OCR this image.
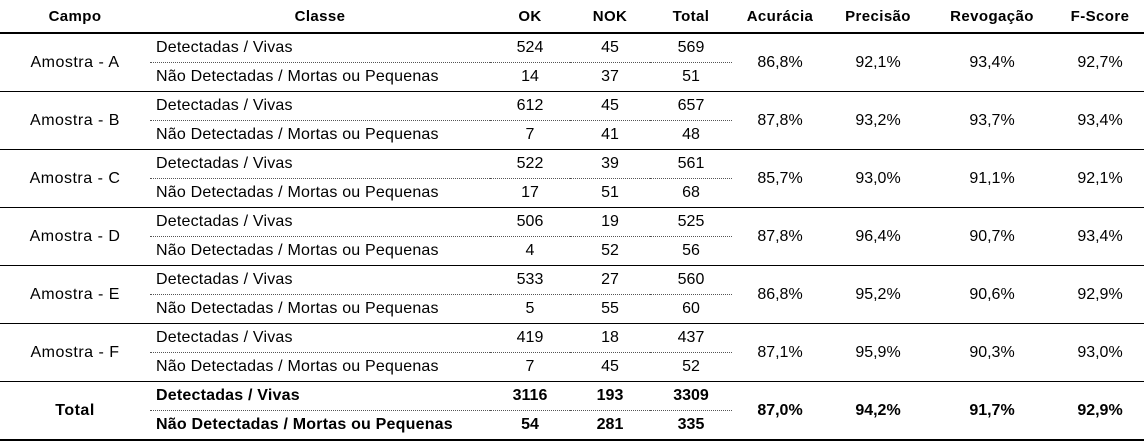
Campo	Classe	OK	NOK	Total	Acurácia	Precisão	Revogação	F-Score
Amostra - A	Detectadas / Vivas	524	45	569	86,8%	92,1%	93,4%	92,7%
	Não Detectadas / Mortas ou Pequenas	14	37	51				
Amostra - B	Detectadas / Vivas	612	45	657	87,8%	93,2%	93,7%	93,4%
	Não Detectadas / Mortas ou Pequenas	7	41	48				
Amostra - C	Detectadas / Vivas	522	39	561	85,7%	93,0%	91,1%	92,1%
	Não Detectadas / Mortas ou Pequenas	17	51	68				
Amostra - D	Detectadas / Vivas	506	19	525	87,8%	96,4%	90,7%	93,4%
	Não Detectadas / Mortas ou Pequenas	4	52	56				
Amostra - E	Detectadas / Vivas	533	27	560	86,8%	95,2%	90,6%	92,9%
	Não Detectadas / Mortas ou Pequenas	5	55	60				
Amostra - F	Detectadas / Vivas	419	18	437	87,1%	95,9%	90,3%	93,0%
	Não Detectadas / Mortas ou Pequenas	7	45	52				
Total	Detectadas / Vivas	3116	193	3309	87,0%	94,2%	91,7%	92,9%
	Não Detectadas / Mortas ou Pequenas	54	281	335				
